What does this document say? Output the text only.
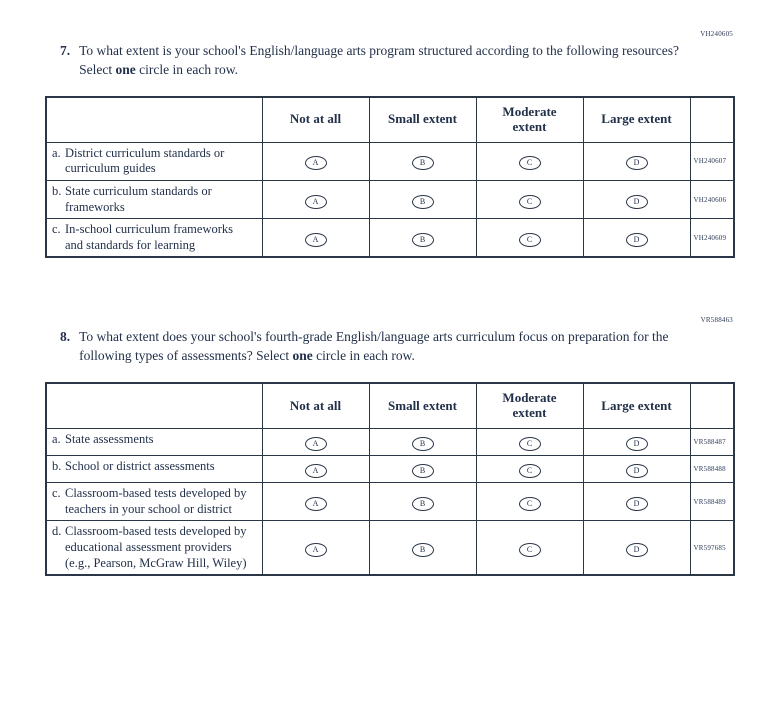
VH240605
7. To what extent is your school's English/language arts program structured according to the following resources? Select one circle in each row.
	Not at all	Small extent	Moderate extent	Large extent	
a. District curriculum standards or curriculum guides	A	B	C	D	VH240607
b. State curriculum standards or frameworks	A	B	C	D	VH240606
c. In-school curriculum frameworks and standards for learning	A	B	C	D	VH240609
VR588463
8. To what extent does your school's fourth-grade English/language arts curriculum focus on preparation for the following types of assessments? Select one circle in each row.
	Not at all	Small extent	Moderate extent	Large extent	
a. State assessments	A	B	C	D	VR588487
b. School or district assessments	A	B	C	D	VR588488
c. Classroom-based tests developed by teachers in your school or district	A	B	C	D	VR588489
d. Classroom-based tests developed by educational assessment providers (e.g., Pearson, McGraw Hill, Wiley)	A	B	C	D	VR597685
